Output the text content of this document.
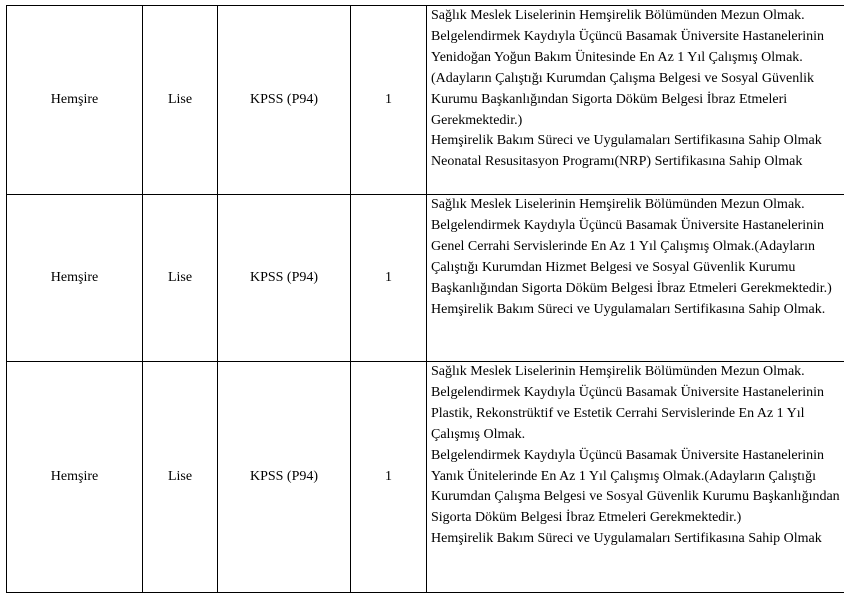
Hemşire	Lise	KPSS (P94)	1	Sağlık Meslek Liselerinin Hemşirelik Bölümünden Mezun Olmak.
Belgelendirmek Kaydıyla Üçüncü Basamak Üniversite Hastanelerinin Yenidoğan Yoğun Bakım Ünitesinde En Az 1 Yıl Çalışmış Olmak.(Adayların Çalıştığı Kurumdan Çalışma Belgesi ve Sosyal Güvenlik Kurumu Başkanlığından Sigorta Döküm Belgesi İbraz Etmeleri Gerekmektedir.)
Hemşirelik Bakım Süreci ve Uygulamaları Sertifikasına Sahip Olmak
Neonatal Resusitasyon Programı(NRP) Sertifikasına Sahip Olmak

Hemşire	Lise	KPSS (P94)	1	Sağlık Meslek Liselerinin Hemşirelik Bölümünden Mezun Olmak.
Belgelendirmek Kaydıyla Üçüncü Basamak Üniversite Hastanelerinin Genel Cerrahi Servislerinde En Az 1 Yıl Çalışmış Olmak.(Adayların Çalıştığı Kurumdan Hizmet Belgesi ve Sosyal Güvenlik Kurumu Başkanlığından Sigorta Döküm Belgesi İbraz Etmeleri Gerekmektedir.)
Hemşirelik Bakım Süreci ve Uygulamaları Sertifikasına Sahip Olmak.

Hemşire	Lise	KPSS (P94)	1	Sağlık Meslek Liselerinin Hemşirelik Bölümünden Mezun Olmak.
Belgelendirmek Kaydıyla Üçüncü Basamak Üniversite Hastanelerinin Plastik, Rekonstrüktif ve Estetik Cerrahi Servislerinde En Az 1 Yıl Çalışmış Olmak.
Belgelendirmek Kaydıyla Üçüncü Basamak Üniversite Hastanelerinin Yanık Ünitelerinde En Az 1 Yıl Çalışmış Olmak.(Adayların Çalıştığı Kurumdan Çalışma Belgesi ve Sosyal Güvenlik Kurumu Başkanlığından Sigorta Döküm Belgesi İbraz Etmeleri Gerekmektedir.)
Hemşirelik Bakım Süreci ve Uygulamaları Sertifikasına Sahip Olmak
